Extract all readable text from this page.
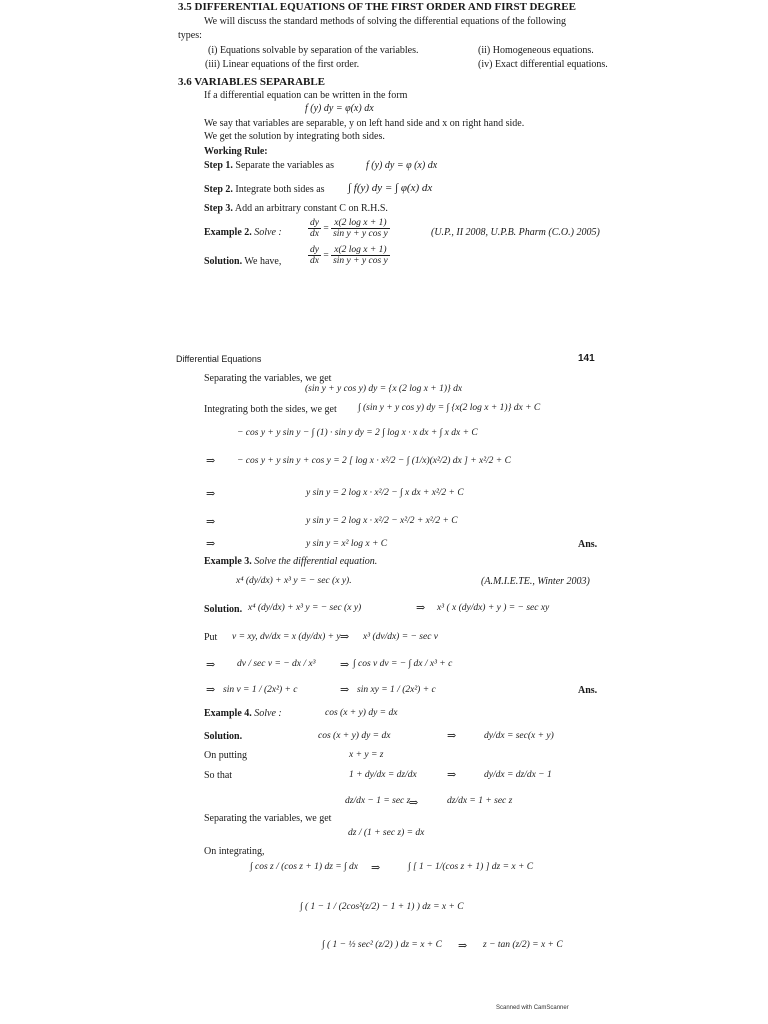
3.5 DIFFERENTIAL EQUATIONS OF THE FIRST ORDER AND FIRST DEGREE
We will discuss the standard methods of solving the differential equations of the following
types:
(i) Equations solvable by separation of the variables.	(ii) Homogeneous equations.
(iii) Linear equations of the first order.	(iv) Exact differential equations.
3.6 VARIABLES SEPARABLE
If a differential equation can be written in the form
f (y) dy = φ(x) dx
We say that variables are separable, y on left hand side and x on right hand side.
We get the solution by integrating both sides.
Working Rule:
Step 1. Separate the variables as	f (y) dy = φ (x) dx
Step 2. Integrate both sides as ∫ f(y) dy = ∫ φ(x) dx
Step 3. Add an arbitrary constant C on R.H.S.
Example 2. Solve :	$\frac{dy}{dx} = \frac{\text{x(2 log x + 1)}}{\text{sin y + y cos y}}$	(U.P., II 2008, U.P.B. Pharm (C.O.) 2005)
Solution. We have,	$\frac{dy}{dx} = \frac{\text{x(2 log x + 1)}}{\text{sin y + y cos y}}$
Differential Equations	141
Separating the variables, we get
(sin y + y cos y) dy = {x (2 log x + 1)} dx
Integrating both the sides, we get ∫ (sin y + y cos y) dy = ∫ {x(2 log x + 1)} dx + C
− cos y + y sin y − ∫ (1) · sin y dy = 2 ∫ log x · x dx + ∫ x dx + C
⇒ − cos y + y sin y + cos y = 2 [ log x · x²/2 − ∫ (1/x)(x²/2) dx ] + x²/2 + C
⇒	y sin y = 2 log x · x²/2 − ∫ x dx + x²/2 + C
⇒	y sin y = 2 log x · x²/2 − x²/2 + x²/2 + C
⇒	y sin y = x² log x + C	Ans.
Example 3. Solve the differential equation.
x⁴ (dy/dx) + x³ y = − sec (x y).	(A.M.I.E.TE., Winter 2003)
Solution. x⁴ (dy/dx) + x³ y = − sec (x y)	⇒ x³ ( x (dy/dx) + y ) = − sec xy
Put v = xy, dv/dx = x (dy/dx) + y ⇒ x³ (dv/dx) = − sec v
⇒ dv / sec v = − dx / x³ ⇒ ∫ cos v dv = − ∫ dx / x³ + c
⇒ sin v = 1 / (2x²) + c	⇒ sin xy = 1 / (2x²) + c	Ans.
Example 4. Solve :	cos (x + y) dy = dx
Solution.	cos (x + y) dy = dx	⇒	dy/dx = sec(x + y)
On putting	x + y = z
So that	1 + dy/dx = dz/dx	⇒	dy/dx = dz/dx − 1
dz/dx − 1 = sec z
⇒	dz/dx = 1 + sec z
Separating the variables, we get
dz / (1 + sec z) = dx
On integrating,
∫ cos z / (cos z + 1) dz = ∫ dx ⇒	∫ [ 1 − 1/(cos z + 1) ] dz = x + C
∫ ( 1 − 1 / (2cos²(z/2) − 1 + 1) ) dz = x + C
∫ ( 1 − ½ sec² (z/2) ) dz = x + C ⇒ z − tan (z/2) = x + C
Scanned with CamScanner
